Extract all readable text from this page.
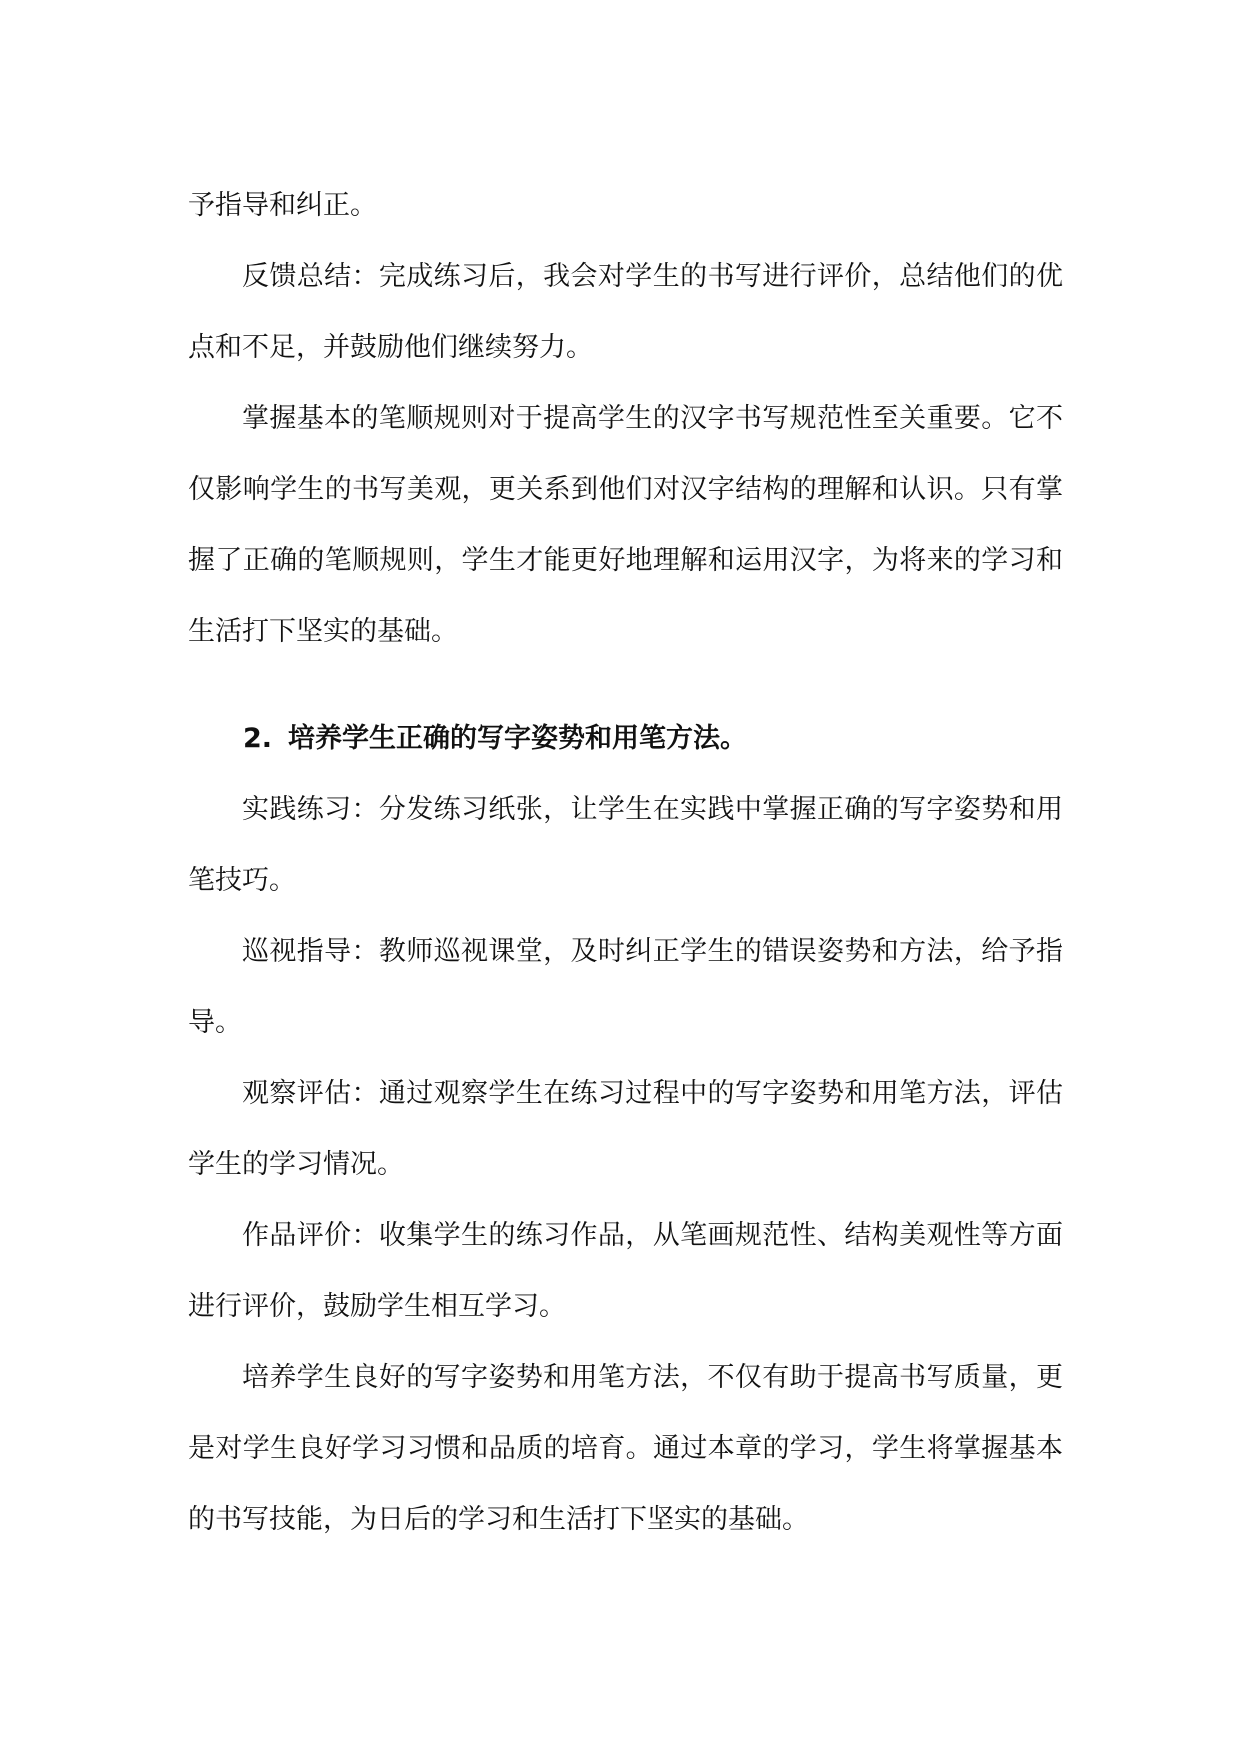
予指导和纠正。

反馈总结：完成练习后，我会对学生的书写进行评价，总结他们的优点和不足，并鼓励他们继续努力。

掌握基本的笔顺规则对于提高学生的汉字书写规范性至关重要。它不仅影响学生的书写美观，更关系到他们对汉字结构的理解和认识。只有掌握了正确的笔顺规则，学生才能更好地理解和运用汉字，为将来的学习和生活打下坚实的基础。

2. 培养学生正确的写字姿势和用笔方法。

实践练习：分发练习纸张，让学生在实践中掌握正确的写字姿势和用笔技巧。

巡视指导：教师巡视课堂，及时纠正学生的错误姿势和方法，给予指导。

观察评估：通过观察学生在练习过程中的写字姿势和用笔方法，评估学生的学习情况。

作品评价：收集学生的练习作品，从笔画规范性、结构美观性等方面进行评价，鼓励学生相互学习。

培养学生良好的写字姿势和用笔方法，不仅有助于提高书写质量，更是对学生良好学习习惯和品质的培育。通过本章的学习，学生将掌握基本的书写技能，为日后的学习和生活打下坚实的基础。
